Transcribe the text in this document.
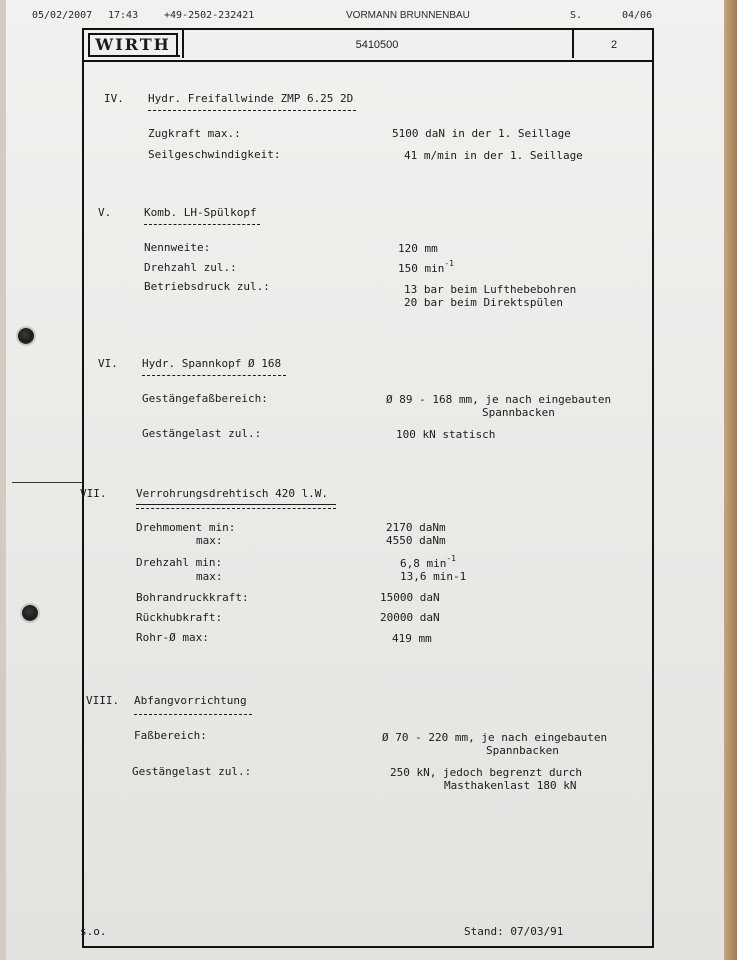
05/02/2007 17:43	+49-2502-232421	VORMANN BRUNNENBAU	S.	04/06
WIRTH	5410500	2
IV. Hydr. Freifallwinde ZMP 6.25 2D
Zugkraft max.:	5100 daN in der 1. Seillage
Seilgeschwindigkeit:	41 m/min in der 1. Seillage
V.	Komb. LH-Spülkopf
Nennweite:	120 mm
Drehzahl zul.:	150 $\min^{-1}$
Betriebsdruck zul.:	13 bar beim Lufthebebohren
20 bar beim Direktspülen
VI. Hydr. Spannkopf Ø 168
Gestängefaßbereich:	Ø 89 - 168 mm, je nach eingebauten
Spannbacken
Gestängelast zul.:	100 kN statisch
VII.	Verrohrungsdrehtisch 420 l.W.
Drehmoment min:	2170 daNm
max:	4550 daNm
Drehzahl min:	6,8 $\min^{-1}$
max:	13,6 min-1
Bohrandruckkraft:	15000 daN
Rückhubkraft:	20000 daN
Rohr-Ø max:	419 mm
VIII. Abfangvorrichtung
Faßbereich:	Ø 70 - 220 mm, je nach eingebauten
Spannbacken
Gestängelast zul.:	250 kN, jedoch begrenzt durch
Masthakenlast 180 kN
s.o.	Stand: 07/03/91
